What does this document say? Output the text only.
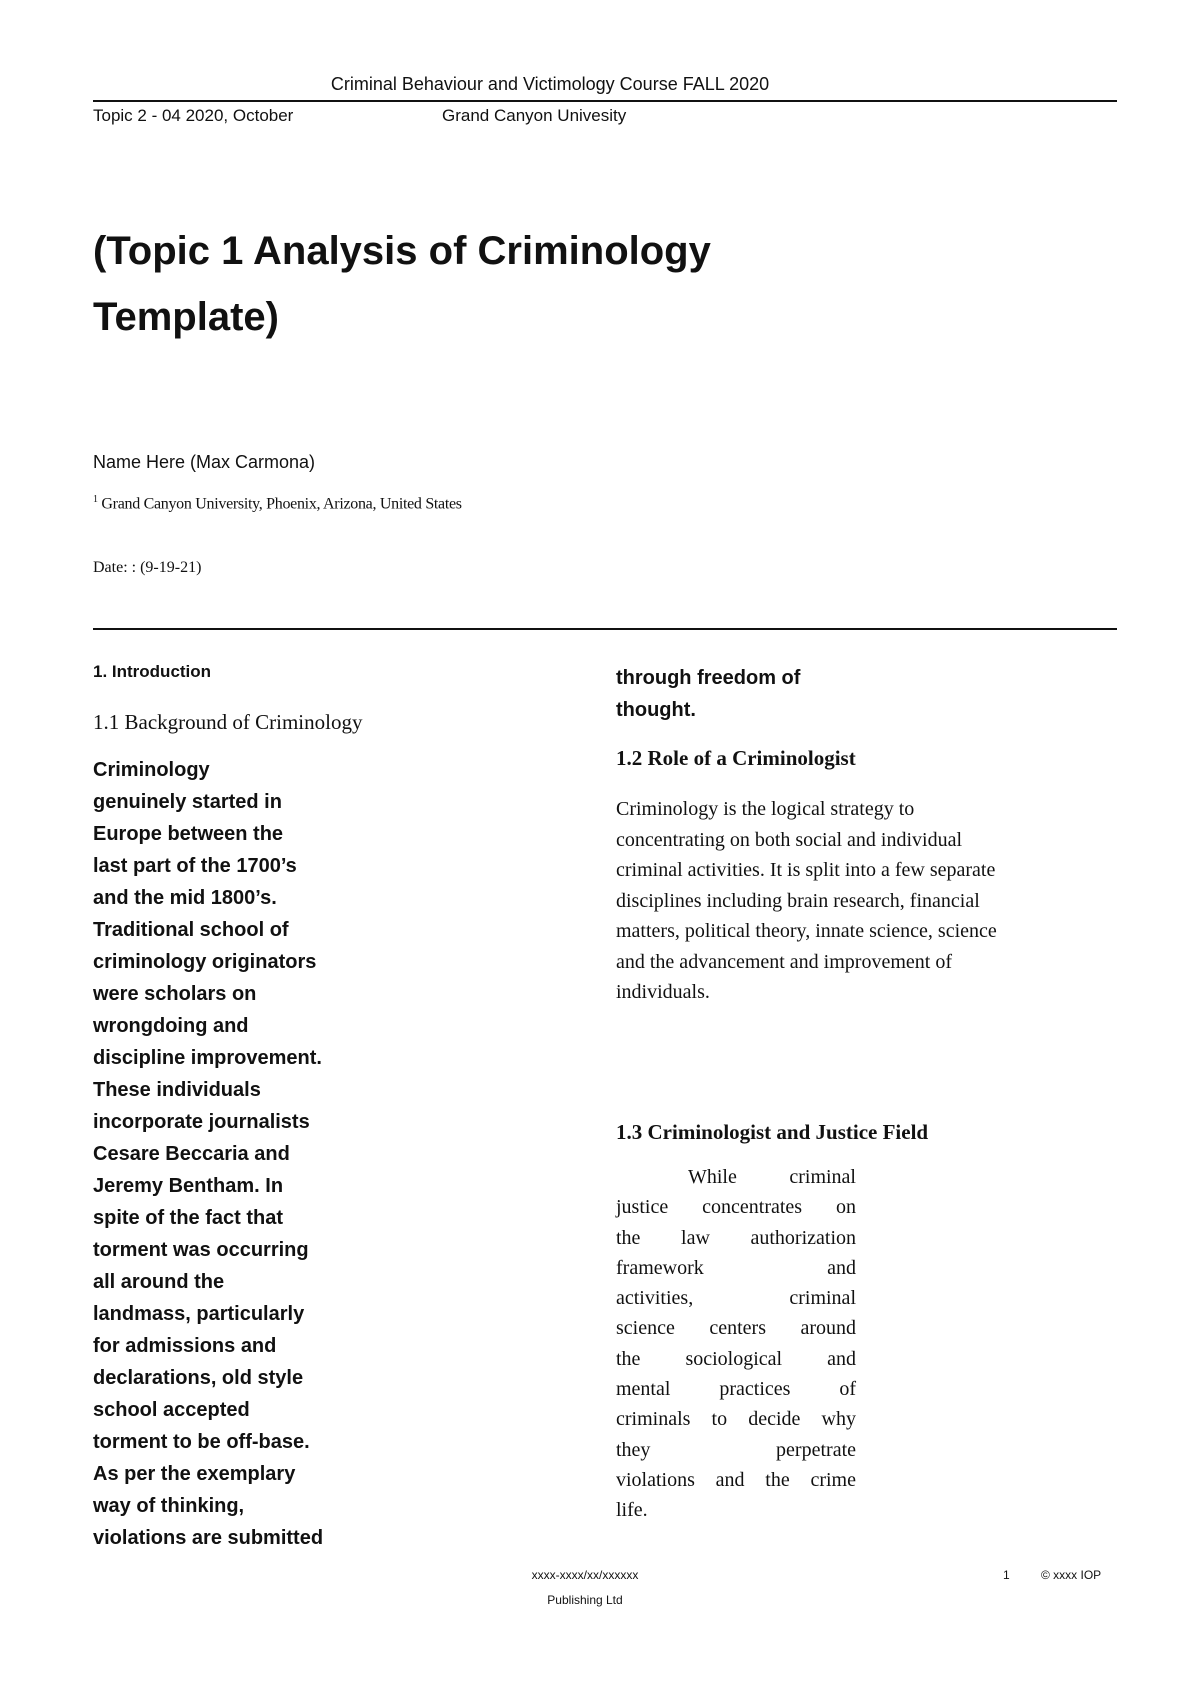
Criminal Behaviour and Victimology Course FALL 2020
Topic 2 - 04 2020, October	Grand Canyon Univesity
(Topic 1 Analysis of Criminology Template)
Name Here (Max Carmona)
$^1$ Grand Canyon University, Phoenix, Arizona, United States
Date: : (9-19-21)
1. Introduction
1.1 Background of Criminology

Criminology
genuinely started in
Europe between the
last part of the 1700’s
and the mid 1800’s.
Traditional school of
criminology originators
were scholars on
wrongdoing and
discipline improvement.
These individuals
incorporate journalists
Cesare Beccaria and
Jeremy Bentham. In
spite of the fact that
torment was occurring
all around the
landmass, particularly
for admissions and
declarations, old style
school accepted
torment to be off-base.
As per the exemplary
way of thinking,
violations are submitted

through freedom of
thought.

1.2 Role of a Criminologist

Criminology is the logical strategy to
concentrating on both social and individual
criminal activities. It is split into a few separate
disciplines including brain research, financial
matters, political theory, innate science, science
and the advancement and improvement of
individuals.

1.3 Criminologist and Justice Field
While criminal
justice concentrates on
the law authorization
framework and
activities, criminal
science centers around
the sociological and
mental practices of
criminals to decide why
they perpetrate
violations and the crime
life.
xxxx-xxxx/xx/xxxxxx
Publishing Ltd
1	© xxxx IOP
